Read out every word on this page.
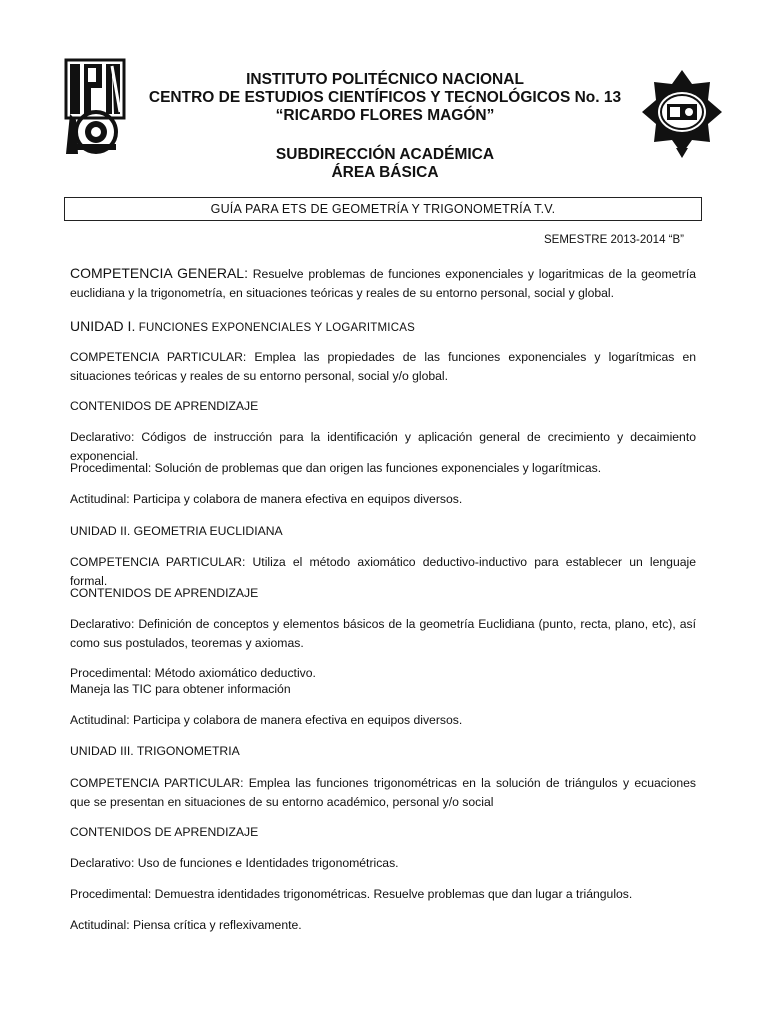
INSTITUTO POLITÉCNICO NACIONAL
CENTRO DE ESTUDIOS CIENTÍFICOS Y TECNOLÓGICOS No. 13
“RICARDO FLORES MAGÓN”
SUBDIRECCIÓN ACADÉMICA
ÁREA BÁSICA
GUÍA PARA ETS DE GEOMETRÍA Y TRIGONOMETRÍA T.V.
SEMESTRE 2013-2014 “B”

COMPETENCIA GENERAL: Resuelve problemas de funciones exponenciales y logaritmicas de la geometría euclidiana y la trigonometría, en situaciones teóricas y reales de su entorno personal, social y global.

UNIDAD I. FUNCIONES EXPONENCIALES Y LOGARITMICAS

COMPETENCIA PARTICULAR: Emplea las propiedades de las funciones exponenciales y logarítmicas en situaciones teóricas y reales de su entorno personal, social y/o global.

CONTENIDOS DE APRENDIZAJE

Declarativo: Códigos de instrucción para la identificación y aplicación general de crecimiento y decaimiento exponencial.

Procedimental: Solución de problemas que dan origen las funciones exponenciales y logarítmicas.

Actitudinal: Participa y colabora de manera efectiva en equipos diversos.

UNIDAD II. GEOMETRIA EUCLIDIANA

COMPETENCIA PARTICULAR: Utiliza el método axiomático deductivo-inductivo para establecer un lenguaje formal.

CONTENIDOS DE APRENDIZAJE

Declarativo: Definición de conceptos y elementos básicos de la geometría Euclidiana (punto, recta, plano, etc), así como sus postulados, teoremas y axiomas.

Procedimental: Método axiomático deductivo.

Maneja las TIC para obtener información

Actitudinal: Participa y colabora de manera efectiva en equipos diversos.

UNIDAD III. TRIGONOMETRIA

COMPETENCIA PARTICULAR: Emplea las funciones trigonométricas en la solución de triángulos y ecuaciones que se presentan en situaciones de su entorno académico, personal y/o social

CONTENIDOS DE APRENDIZAJE

Declarativo: Uso de funciones e Identidades trigonométricas.

Procedimental: Demuestra identidades trigonométricas. Resuelve problemas que dan lugar a triángulos.

Actitudinal: Piensa crítica y reflexivamente.
